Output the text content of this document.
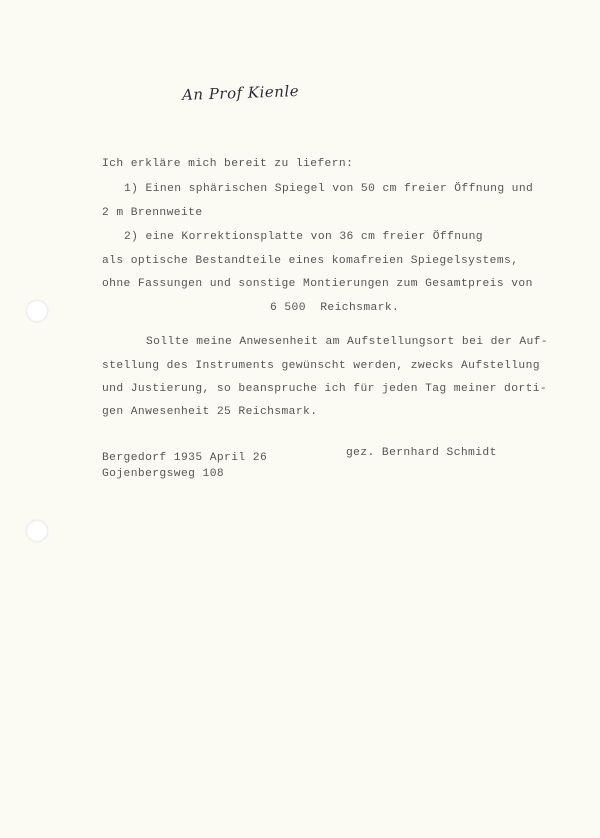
An Prof Kienle
Ich erkläre mich bereit zu liefern:
1) Einen sphärischen Spiegel von 50 cm freier Öffnung und
2 m Brennweite
2) eine Korrektionsplatte von 36 cm freier Öffnung
als optische Bestandteile eines komafreien Spiegelsystems,
ohne Fassungen und sonstige Montierungen zum Gesamtpreis von
6 500  Reichsmark.
Sollte meine Anwesenheit am Aufstellungsort bei der Auf-
stellung des Instruments gewünscht werden, zwecks Aufstellung
und Justierung, so beanspruche ich für jeden Tag meiner dorti-
gen Anwesenheit 25 Reichsmark.
Bergedorf 1935 April 26
Gojenbergsweg 108
gez. Bernhard Schmidt
